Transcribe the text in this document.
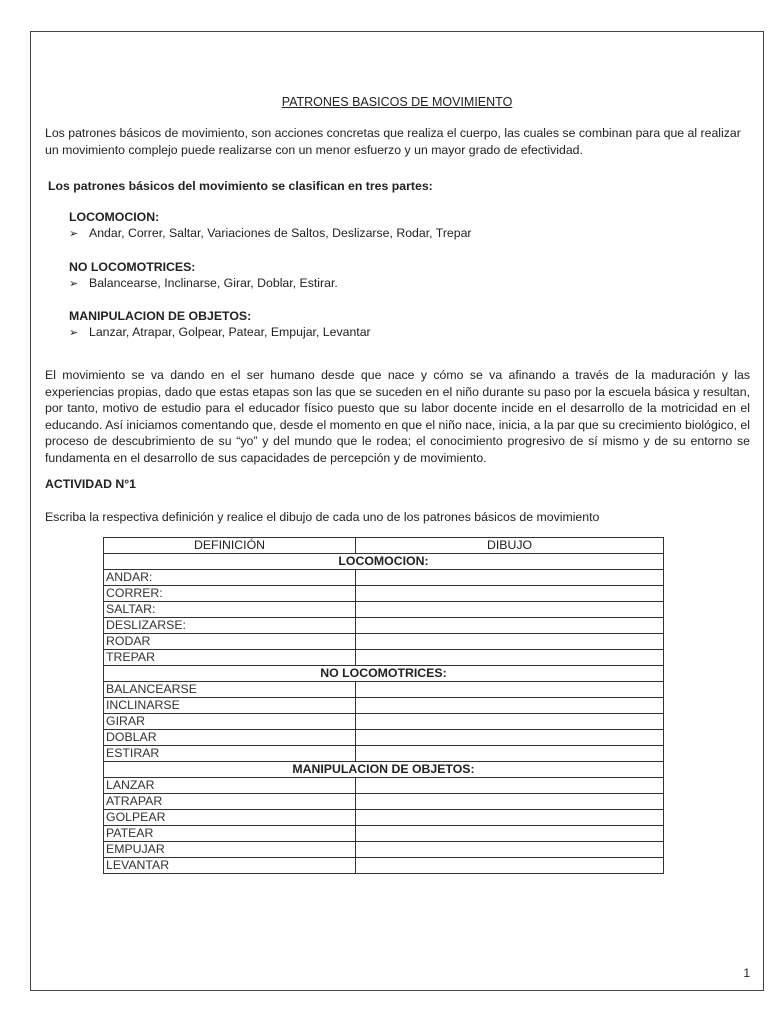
PATRONES BASICOS DE MOVIMIENTO
Los patrones básicos de movimiento, son acciones concretas que realiza el cuerpo, las cuales se combinan para que al realizar un movimiento complejo puede realizarse con un menor esfuerzo y un mayor grado de efectividad.
Los patrones básicos del movimiento se clasifican en tres partes:
LOCOMOCION:
➢ Andar, Correr, Saltar, Variaciones de Saltos, Deslizarse, Rodar, Trepar
NO LOCOMOTRICES:
➢ Balancearse, Inclinarse, Girar, Doblar, Estirar.
MANIPULACION DE OBJETOS:
➢ Lanzar, Atrapar, Golpear, Patear, Empujar, Levantar
El movimiento se va dando en el ser humano desde que nace y cómo se va afinando a través de la maduración y las experiencias propias, dado que estas etapas son las que se suceden en el niño durante su paso por la escuela básica y resultan, por tanto, motivo de estudio para el educador físico puesto que su labor docente incide en el desarrollo de la motricidad en el educando. Así iniciamos comentando que, desde el momento en que el niño nace, inicia, a la par que su crecimiento biológico, el proceso de descubrimiento de su “yo” y del mundo que le rodea; el conocimiento progresivo de sí mismo y de su entorno se fundamenta en el desarrollo de sus capacidades de percepción y de movimiento.
ACTIVIDAD N°1
Escriba la respectiva definición y realice el dibujo de cada uno de los patrones básicos de movimiento
DEFINICIÓN	DIBUJO
LOCOMOCION:	
ANDAR:	
CORRER:	
SALTAR:	
DESLIZARSE:	
RODAR	
TREPAR	
NO LOCOMOTRICES:	
BALANCEARSE	
INCLINARSE	
GIRAR	
DOBLAR	
ESTIRAR	
MANIPULACION DE OBJETOS:	
LANZAR	
ATRAPAR	
GOLPEAR	
PATEAR	
EMPUJAR	
LEVANTAR	
1
